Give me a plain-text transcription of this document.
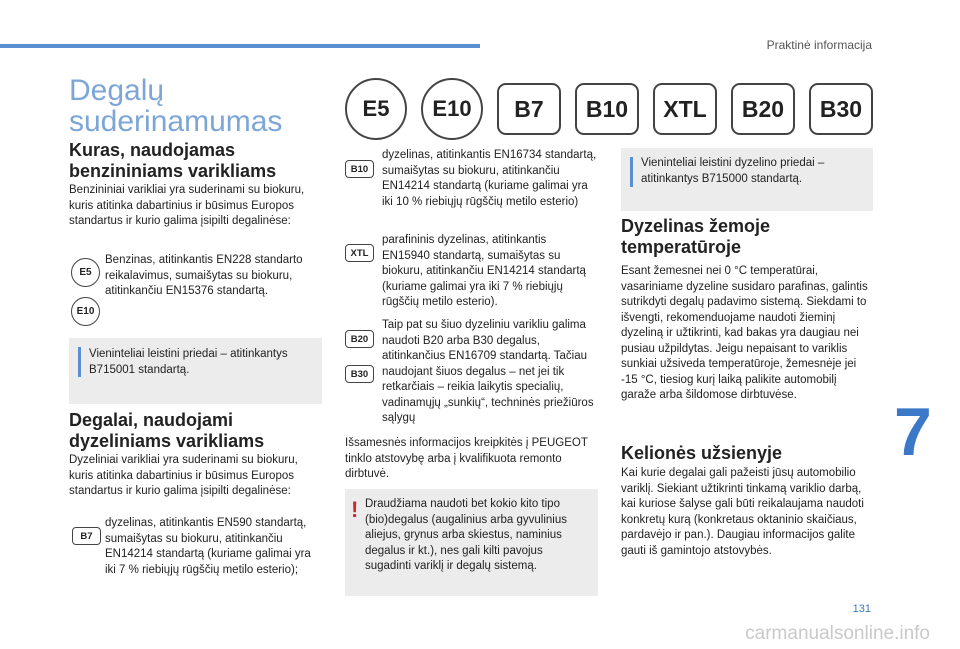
Praktinė informacija
Degalų suderinamumas	E5	E10	B7	B10	XTL	B20	B30
Kuras, naudojamas benzininiams varikliams
Benzininiai varikliai yra suderinami su biokuru, kuris atitinka dabartinius ir būsimus Europos standartus ir kurio galima įsipilti degalinėse:
E5
E10
Benzinas, atitinkantis EN228 standarto reikalavimus, sumaišytas su biokuru, atitinkančiu EN15376 standartą.
Vieninteliai leistini priedai – atitinkantys B715001 standartą.
Degalai, naudojami dyzeliniams varikliams
Dyzeliniai varikliai yra suderinami su biokuru, kuris atitinka dabartinius ir būsimus Europos standartus ir kurio galima įsipilti degalinėse:
B7
dyzelinas, atitinkantis EN590 standartą, sumaišytas su biokuru, atitinkančiu EN14214 standartą (kuriame galimai yra iki 7 % riebiųjų rūgščių metilo esterio);
B10
dyzelinas, atitinkantis EN16734 standartą, sumaišytas su biokuru, atitinkančiu EN14214 standartą (kuriame galimai yra iki 10 % riebiųjų rūgščių metilo esterio)
XTL
parafininis dyzelinas, atitinkantis EN15940 standartą, sumaišytas su biokuru, atitinkančiu EN14214 standartą (kuriame galimai yra iki 7 % riebiųjų rūgščių metilo esterio).
B20
B30
Taip pat su šiuo dyzeliniu varikliu galima naudoti B20 arba B30 degalus, atitinkančius EN16709 standartą. Tačiau naudojant šiuos degalus – net jei tik retkarčiais – reikia laikytis specialių, vadinamųjų „sunkių“, techninės priežiūros sąlygų
Išsamesnės informacijos kreipkitės į PEUGEOT tinklo atstovybę arba į kvalifikuota remonto dirbtuvė.
! Draudžiama naudoti bet kokio kito tipo (bio)degalus (augalinius arba gyvulinius aliejus, grynus arba skiestus, naminius degalus ir kt.), nes gali kilti pavojus sugadinti variklį ir degalų sistemą.
Vieninteliai leistini dyzelino priedai – atitinkantys B715000 standartą.
Dyzelinas žemoje temperatūroje
Esant žemesnei nei 0 °C temperatūrai, vasariniame dyzeline susidaro parafinas, galintis sutrikdyti degalų padavimo sistemą. Siekdami to išvengti, rekomenduojame naudoti žieminį dyzeliną ir užtikrinti, kad bakas yra daugiau nei pusiau užpildytas. Jeigu nepaisant to variklis sunkiai užsiveda temperatūroje, žemesnėje jei -15 °C, tiesiog kurį laiką palikite automobilį garaže arba šildomose dirbtuvėse.
Kelionės užsienyje
Kai kurie degalai gali pažeisti jūsų automobilio variklį. Siekiant užtikrinti tinkamą variklio darbą, kai kuriose šalyse gali būti reikalaujama naudoti konkretų kurą (konkretaus oktaninio skaičiaus, pardavėjo ir pan.). Daugiau informacijos galite gauti iš gamintojo atstovybės.
7
131
carmanualsonline.info
